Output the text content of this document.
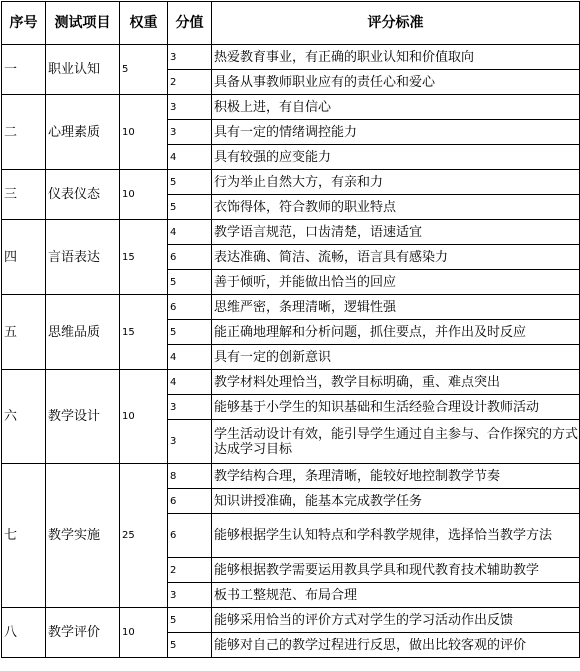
序号	测试项目	权重	分值	评分标准
一	职业认知	5	3	热爱教育事业，有正确的职业认知和价值取向
			2	具备从事教师职业应有的责任心和爱心
二	心理素质	10	3	积极上进，有自信心
			3	具有一定的情绪调控能力
			4	具有较强的应变能力
三	仪表仪态	10	5	行为举止自然大方，有亲和力
			5	衣饰得体，符合教师的职业特点
四	言语表达	15	4	教学语言规范，口齿清楚，语速适宜
			6	表达准确、简洁、流畅，语言具有感染力
			5	善于倾听，并能做出恰当的回应
五	思维品质	15	6	思维严密，条理清晰，逻辑性强
			5	能正确地理解和分析问题，抓住要点，并作出及时反应
			4	具有一定的创新意识
六	教学设计	10	4	教学材料处理恰当，教学目标明确，重、难点突出
			3	能够基于小学生的知识基础和生活经验合理设计教师活动
			3	学生活动设计有效，能引导学生通过自主参与、合作探究的方式达成学习目标
七	教学实施	25	8	教学结构合理，条理清晰，能较好地控制教学节奏
			6	知识讲授准确，能基本完成教学任务
			6	能够根据学生认知特点和学科教学规律，选择恰当教学方法
			2	能够根据教学需要运用教具学具和现代教育技术辅助教学
			3	板书工整规范、布局合理
八	教学评价	10	5	能够采用恰当的评价方式对学生的学习活动作出反馈
			5	能够对自己的教学过程进行反思，做出比较客观的评价
